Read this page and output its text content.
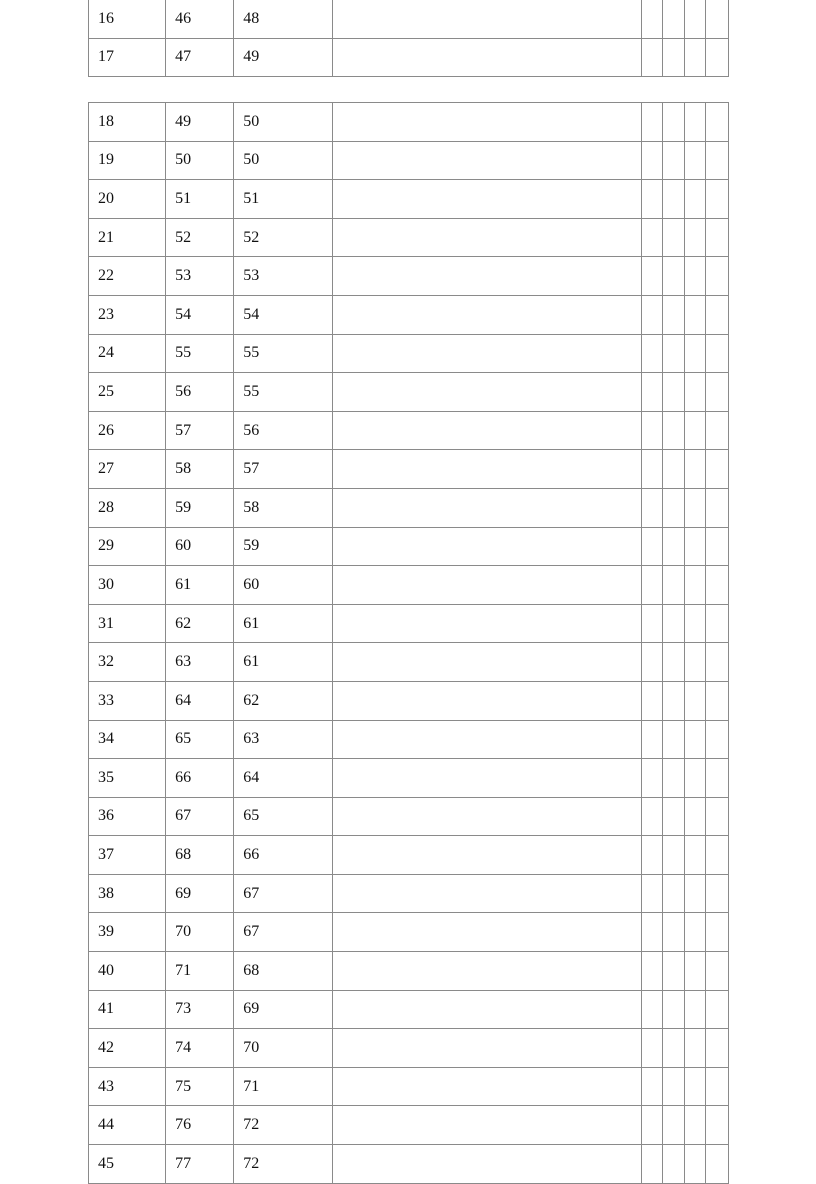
16	46	48					
17	47	49					
18	49	50					
19	50	50					
20	51	51					
21	52	52					
22	53	53					
23	54	54					
24	55	55					
25	56	55					
26	57	56					
27	58	57					
28	59	58					
29	60	59					
30	61	60					
31	62	61					
32	63	61					
33	64	62					
34	65	63					
35	66	64					
36	67	65					
37	68	66					
38	69	67					
39	70	67					
40	71	68					
41	73	69					
42	74	70					
43	75	71					
44	76	72					
45	77	72					
